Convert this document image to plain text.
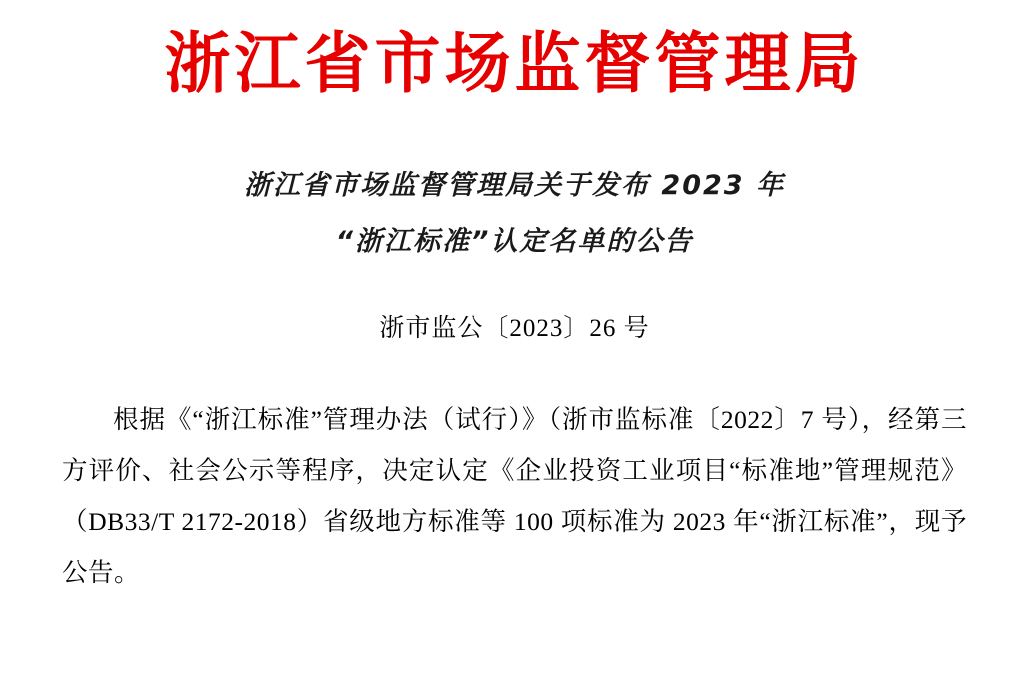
浙江省市场监督管理局
浙江省市场监督管理局关于发布 2023 年
“浙江标准”认定名单的公告
浙市监公〔2023〕26 号

根据《“浙江标准”管理办法（试行）》（浙市监标准〔2022〕7 号），经第三方评价、社会公示等程序，决定认定《企业投资工业项目“标准地”管理规范》（DB33/T 2172-2018）省级地方标准等 100 项标准为 2023 年“浙江标准”，现予公告。
